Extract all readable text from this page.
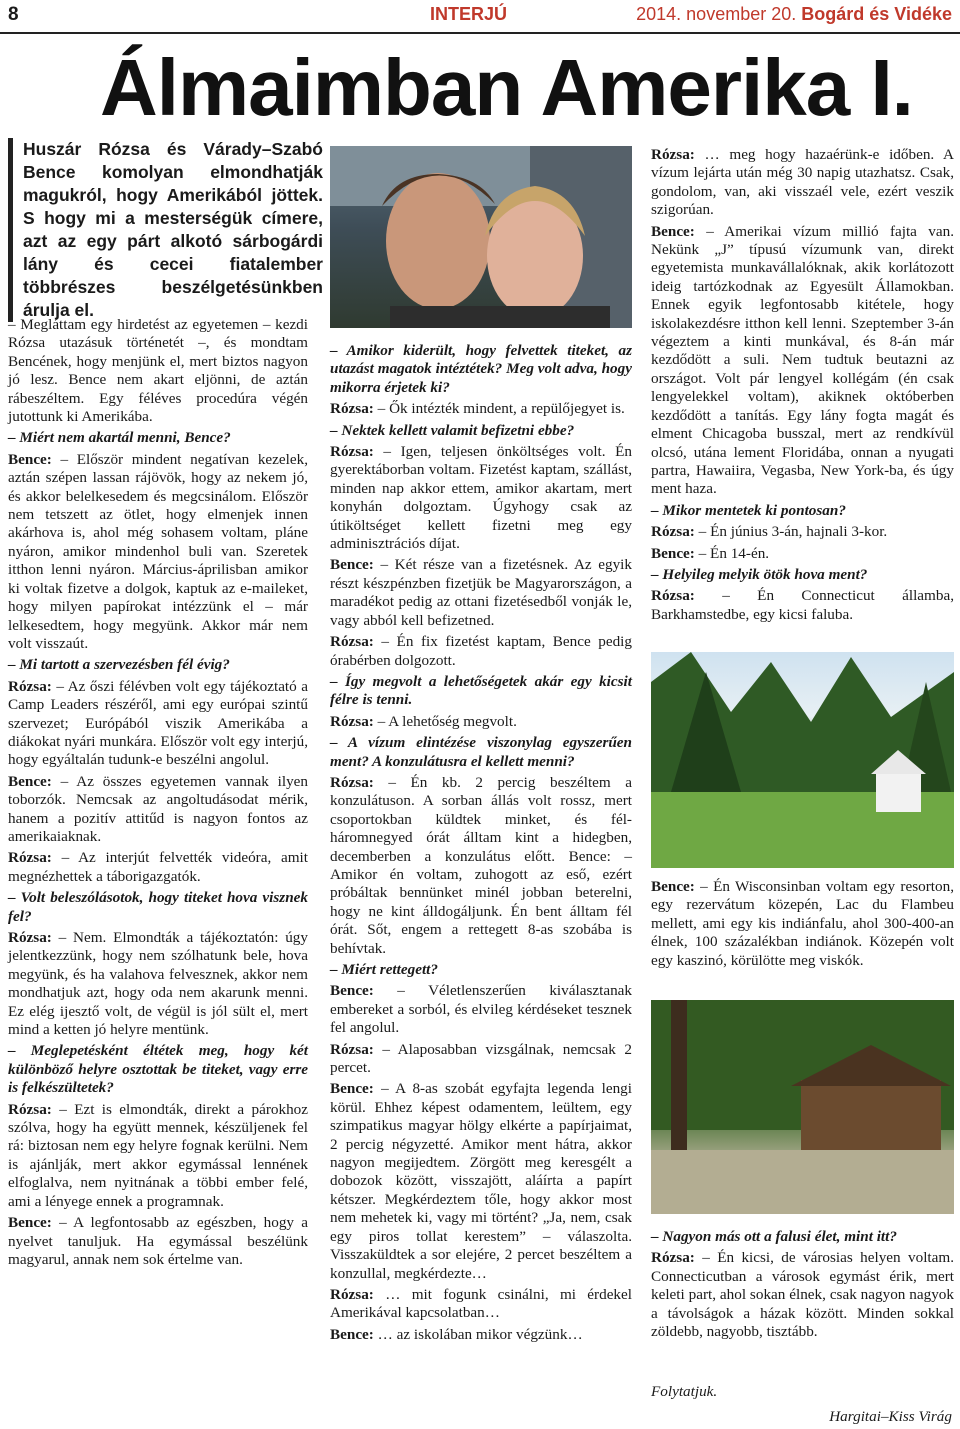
8	INTERJÚ	2014. november 20. Bogárd és Vidéke
Álmaimban Amerika I.
Huszár Rózsa és Várady–Szabó Bence komolyan elmondhatják magukról, hogy Amerikából jöttek. S hogy mi a mesterségük címere, azt az egy párt alkotó sárbogárdi lány és cecei fiatalember többrészes beszélgetésünkben árulja el.

– Megláttam egy hirdetést az egyetemen – kezdi Rózsa utazásuk történetét –, és mondtam Bencének, hogy menjünk el, mert biztos nagyon jó lesz. Bence nem akart eljönni, de aztán rábeszéltem. Egy féléves procedúra végén jutottunk ki Amerikába.

– Miért nem akartál menni, Bence?

Bence: – Először mindent negatívan kezelek, aztán szépen lassan rájövök, hogy az nekem jó, és akkor belelkesedem és megcsinálom. Először nem tetszett az ötlet, hogy elmenjek innen akárhova is, ahol még sohasem voltam, pláne nyáron, amikor mindenhol buli van. Szeretek itthon lenni nyáron. Március-áprilisban amikor ki voltak fizetve a dolgok, kaptuk az e-maileket, hogy milyen papírokat intézzünk el – már lelkesedtem, hogy megyünk. Akkor már nem volt visszaút.

– Mi tartott a szervezésben fél évig?

Rózsa: – Az őszi félévben volt egy tájékoztató a Camp Leaders részéről, ami egy európai szintű szervezet; Európából viszik Amerikába a diákokat nyári munkára. Először volt egy interjú, hogy egyáltalán tudunk-e beszélni angolul.

Bence: – Az összes egyetemen vannak ilyen toborzók. Nemcsak az angoltudásodat mérik, hanem a pozitív attitűd is nagyon fontos az amerikaiaknak.

Rózsa: – Az interjút felvették videóra, amit megnézhettek a táborigazgatók.

– Volt beleszólásotok, hogy titeket hova visznek fel?

Rózsa: – Nem. Elmondták a tájékoztatón: úgy jelentkezzünk, hogy nem szólhatunk bele, hova megyünk, és ha valahova felvesznek, akkor nem mondhatjuk azt, hogy oda nem akarunk menni. Ez elég ijesztő volt, de végül is jól sült el, mert mind a ketten jó helyre mentünk.

– Meglepetésként éltétek meg, hogy két különböző helyre osztottak be titeket, vagy erre is felkészültetek?

Rózsa: – Ezt is elmondták, direkt a párokhoz szólva, hogy ha együtt mennek, készüljenek fel rá: biztosan nem egy helyre fognak kerülni. Nem is ajánlják, mert akkor egymással lennének elfoglalva, nem nyitnának a többi ember felé, ami a lényege ennek a programnak.

Bence: – A legfontosabb az egészben, hogy a nyelvet tanuljuk. Ha egymással beszélünk magyarul, annak nem sok értelme van.

– Amikor kiderült, hogy felvettek titeket, az utazást magatok intéztétek? Meg volt adva, hogy mikorra érjetek ki?

Rózsa: – Ők intézték mindent, a repülőjegyet is.

– Nektek kellett valamit befizetni ebbe?

Rózsa: – Igen, teljesen önköltséges volt. Én gyerektáborban voltam. Fizetést kaptam, szállást, minden nap akkor ettem, amikor akartam, mert konyhán dolgoztam. Úgyhogy csak az útiköltséget kellett fizetni meg egy adminisztrációs díjat.

Bence: – Két része van a fizetésnek. Az egyik részt készpénzben fizetjük be Magyarországon, a maradékot pedig az ottani fizetésedből vonják le, vagy abból kell befizetned.

Rózsa: – Én fix fizetést kaptam, Bence pedig órabérben dolgozott.

– Így megvolt a lehetőségetek akár egy kicsit félre is tenni.

Rózsa: – A lehetőség megvolt.

– A vízum elintézése viszonylag egyszerűen ment? A konzulátusra el kellett menni?

Rózsa: – Én kb. 2 percig beszéltem a konzulátuson. A sorban állás volt rossz, mert csoportokban küldtek minket, és fél-háromnegyed órát álltam kint a hidegben, decemberben a konzulátus előtt. Bence: – Amikor én voltam, zuhogott az eső, ezért próbáltak bennünket minél jobban beterelni, hogy ne kint álldogáljunk. Én bent álltam fél órát. Sőt, engem a rettegett 8-as szobába is behívtak.

– Miért rettegett?

Bence: – Véletlenszerűen kiválasztanak embereket a sorból, és elvileg kérdéseket tesznek fel angolul.

Rózsa: – Alaposabban vizsgálnak, nemcsak 2 percet.

Bence: – A 8-as szobát egyfajta legenda lengi körül. Ehhez képest odamentem, leültem, egy szimpatikus magyar hölgy elkérte a papírjaimat, 2 percig négyzetté. Amikor ment hátra, akkor nagyon megijedtem. Zörgött meg keresgélt a dobozok között, visszajött, aláírta a papírt kétszer. Megkérdeztem tőle, hogy akkor most nem mehetek ki, vagy mi történt? „Ja, nem, csak egy piros tollat kerestem” – válaszolta. Visszaküldtek a sor elejére, 2 percet beszéltem a konzullal, megkérdezte…

Rózsa: … mit fogunk csinálni, mi érdekel Amerikával kapcsolatban…

Bence: … az iskolában mikor végzünk…

Rózsa: … meg hogy hazaérünk-e időben. A vízum lejárta után még 30 napig utazhatsz. Csak, gondolom, van, aki visszaél vele, ezért veszik szigorúan.

Bence: – Amerikai vízum millió fajta van. Nekünk „J” típusú vízumunk van, direkt egyetemista munkavállalóknak, akik korlátozott ideig tartózkodnak az Egyesült Államokban. Ennek egyik legfontosabb kitétele, hogy iskolakezdésre itthon kell lenni. Szeptember 3-án végeztem a kinti munkával, és 8-án már kezdődött a suli. Nem tudtuk beutazni az országot. Volt pár lengyel kollégám (én csak lengyelekkel voltam), akiknek októberben kezdődött a tanítás. Egy lány fogta magát és elment Chicagoba busszal, mert az rendkívül olcsó, utána lement Floridába, onnan a nyugati partra, Hawaiira, Vegasba, New York-ba, és úgy ment haza.

– Mikor mentetek ki pontosan?

Rózsa: – Én június 3-án, hajnali 3-kor.

Bence: – Én 14-én.

– Helyileg melyik ötök hova ment?

Rózsa: – Én Connecticut államba, Barkhamstedbe, egy kicsi faluba.

Bence: – Én Wisconsinban voltam egy resorton, egy rezervátum közepén, Lac du Flambeu mellett, ami egy kis indiánfalu, ahol 300-400-an élnek, 100 százalékban indiánok. Közepén volt egy kaszinó, körülötte meg viskók.

– Nagyon más ott a falusi élet, mint itt?

Rózsa: – Én kicsi, de városias helyen voltam. Connecticutban a városok egymást érik, mert keleti part, ahol sokan élnek, csak nagyon nagyok a távolságok a házak között. Minden sokkal zöldebb, nagyobb, tisztább.

Folytatjuk.
Hargitai–Kiss Virág
